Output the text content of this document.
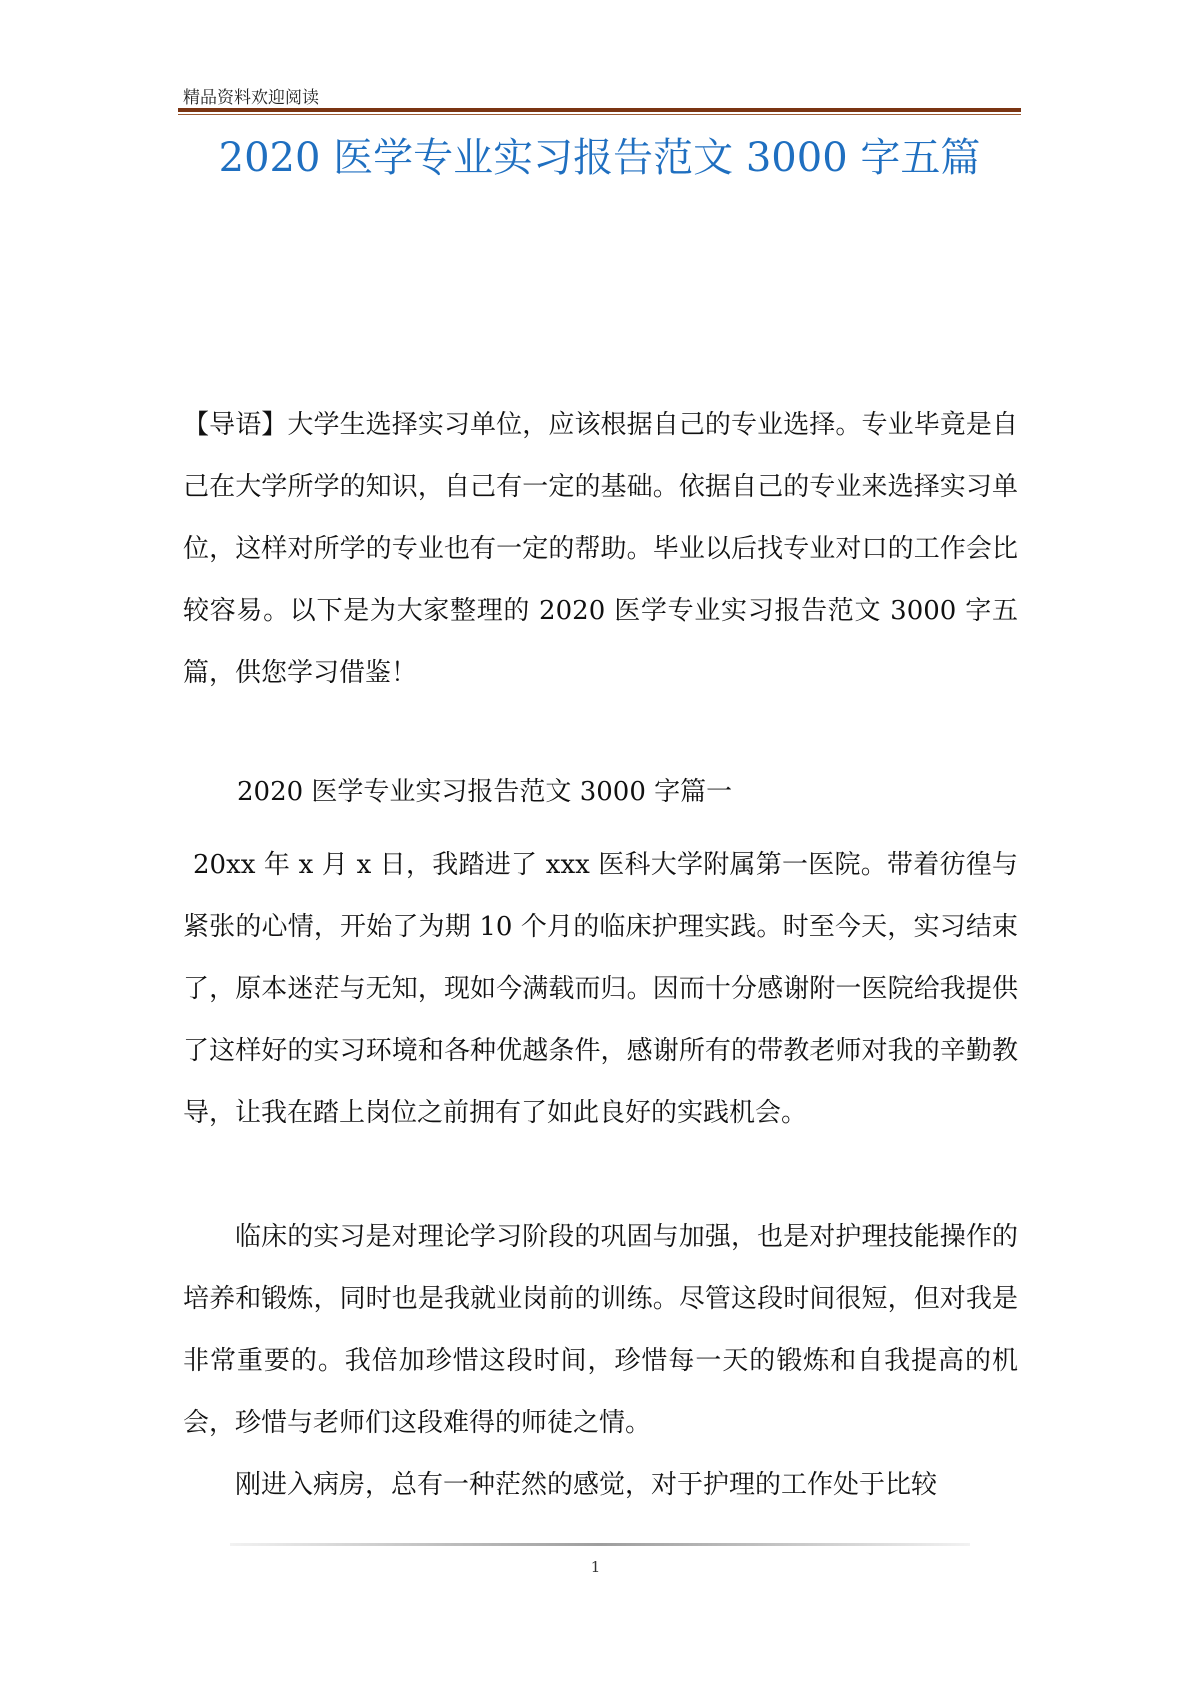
精品资料欢迎阅读
2020 医学专业实习报告范文 3000 字五篇

【导语】大学生选择实习单位，应该根据自己的专业选择。专业毕竟是自己在大学所学的知识，自己有一定的基础。依据自己的专业来选择实习单位，这样对所学的专业也有一定的帮助。毕业以后找专业对口的工作会比较容易。以下是为大家整理的 2020 医学专业实习报告范文 3000 字五篇，供您学习借鉴！

2020 医学专业实习报告范文 3000 字篇一

20xx 年 x 月 x 日，我踏进了 xxx 医科大学附属第一医院。带着彷徨与紧张的心情，开始了为期 10 个月的临床护理实践。时至今天，实习结束了，原本迷茫与无知，现如今满载而归。因而十分感谢附一医院给我提供了这样好的实习环境和各种优越条件，感谢所有的带教老师对我的辛勤教导，让我在踏上岗位之前拥有了如此良好的实践机会。

临床的实习是对理论学习阶段的巩固与加强，也是对护理技能操作的培养和锻炼，同时也是我就业岗前的训练。尽管这段时间很短，但对我是非常重要的。我倍加珍惜这段时间，珍惜每一天的锻炼和自我提高的机会，珍惜与老师们这段难得的师徒之情。

刚进入病房，总有一种茫然的感觉，对于护理的工作处于比较

1
